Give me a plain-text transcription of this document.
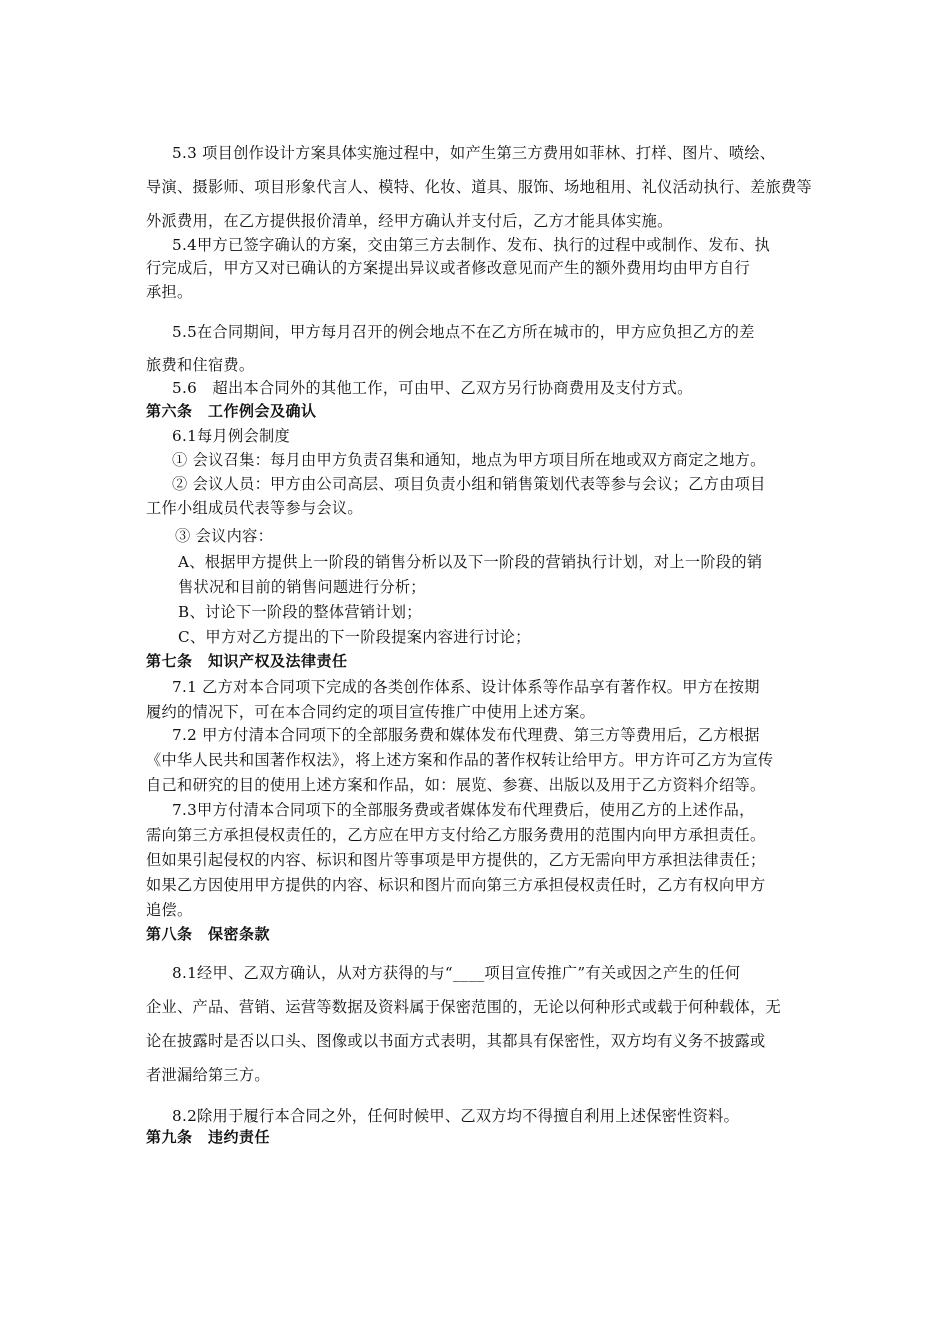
5.3 项目创作设计方案具体实施过程中，如产生第三方费用如菲林、打样、图片、喷绘、
导演、摄影师、项目形象代言人、模特、化妆、道具、服饰、场地租用、礼仪活动执行、差旅费等
外派费用，在乙方提供报价清单，经甲方确认并支付后，乙方才能具体实施。
5.4甲方已签字确认的方案，交由第三方去制作、发布、执行的过程中或制作、发布、执
行完成后，甲方又对已确认的方案提出异议或者修改意见而产生的额外费用均由甲方自行
承担。
5.5在合同期间，甲方每月召开的例会地点不在乙方所在城市的，甲方应负担乙方的差
旅费和住宿费。
5.6　超出本合同外的其他工作，可由甲、乙双方另行协商费用及支付方式。
第六条　工作例会及确认
6.1每月例会制度
① 会议召集：每月由甲方负责召集和通知，地点为甲方项目所在地或双方商定之地方。
② 会议人员：甲方由公司高层、项目负责小组和销售策划代表等参与会议；乙方由项目
工作小组成员代表等参与会议。
③ 会议内容：
A、根据甲方提供上一阶段的销售分析以及下一阶段的营销执行计划，对上一阶段的销
售状况和目前的销售问题进行分析；
B、讨论下一阶段的整体营销计划；
C、甲方对乙方提出的下一阶段提案内容进行讨论；
第七条　知识产权及法律责任
7.1 乙方对本合同项下完成的各类创作体系、设计体系等作品享有著作权。甲方在按期
履约的情况下，可在本合同约定的项目宣传推广中使用上述方案。
7.2 甲方付清本合同项下的全部服务费和媒体发布代理费、第三方等费用后，乙方根据
《中华人民共和国著作权法》，将上述方案和作品的著作权转让给甲方。甲方许可乙方为宣传
自己和研究的目的使用上述方案和作品，如：展览、参赛、出版以及用于乙方资料介绍等。
7.3甲方付清本合同项下的全部服务费或者媒体发布代理费后，使用乙方的上述作品，
需向第三方承担侵权责任的，乙方应在甲方支付给乙方服务费用的范围内向甲方承担责任。
但如果引起侵权的内容、标识和图片等事项是甲方提供的，乙方无需向甲方承担法律责任；
如果乙方因使用甲方提供的内容、标识和图片而向第三方承担侵权责任时，乙方有权向甲方
追偿。
第八条　保密条款
8.1经甲、乙双方确认，从对方获得的与“____项目宣传推广”有关或因之产生的任何
企业、产品、营销、运营等数据及资料属于保密范围的，无论以何种形式或载于何种载体，无
论在披露时是否以口头、图像或以书面方式表明，其都具有保密性，双方均有义务不披露或
者泄漏给第三方。
8.2除用于履行本合同之外，任何时候甲、乙双方均不得擅自利用上述保密性资料。
第九条　违约责任
